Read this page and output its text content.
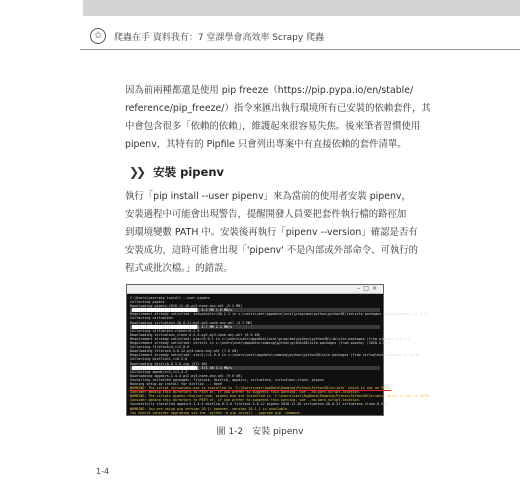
✩	爬蟲在手 資料我有：7 堂課學會高效率 Scrapy 爬蟲
因為前兩種都還是使用 pip freeze（https://pip.pypa.io/en/stable/
reference/pip_freeze/）指令來匯出執行環境所有已安裝的依賴套件，其
中會包含很多「依賴的依賴」，維護起來很容易失焦。後來筆者習慣使用
pipenv，其特有的 Pipfile 只會列出專案中有直接依賴的套件清單。
❯❯ 安裝 pipenv
執行「pip install --user pipenv」來為當前的使用者安裝 pipenv，
安裝過程中可能會出現警告，提醒開發人員要把套件執行檔的路徑加
到環境變數 PATH 中。安裝後再執行「pipenv --version」確認是否有
安裝成功，這時可能會出現「'pipenv' 不是內部或外部命令、可執行的
程式或批次檔。」的錯誤。
–□×
C:\Users\user>pip install --user pipenv
Collecting pipenv
Downloading pipenv-2018.11.26-py3-none-any.whl (5.2 MB)
|████████████████████████████████| 5.2 MB 1.6 MB/s
Requirement already satisfied: setuptools>=36.2.1 in c:\users\user\appdata\local\programs\python\python38\lib\site-packages (from pipenv) (41.2.0)
Collecting virtualenv
Downloading virtualenv-20.0.21-py2.py3-none-any.whl (4.7 MB)
|████████████████████████████████| 4.7 MB 2.2 MB/s
Collecting virtualenv-clone>=0.2.5
Downloading virtualenv_clone-0.5.4-py2.py3-none-any.whl (6.6 kB)
Requirement already satisfied: pip>=9.0.1 in c:\users\user\appdata\local\programs\python\python38\lib\site-packages (from pipenv) (20.1.1)
Requirement already satisfied: certifi in c:\users\user\appdata\roaming\python\python38\site-packages (from pipenv) (2020.4.5.1)
Collecting filelock<4,>=3.0.0
Downloading filelock-3.0.12-py3-none-any.whl (7.6 kB)
Requirement already satisfied: six<2,>=1.9.0 in c:\users\user\appdata\roaming\python\python38\site-packages (from virtualenv->pipenv) (1.15.0)
Collecting distlib<1,>=0.3.0
Downloading distlib-0.3.0.zip (571 kB)
|████████████████████████████████| 571 kB 3.3 MB/s
Collecting appdirs<2,>=1.4.3
Downloading appdirs-1.4.4-py2.py3-none-any.whl (9.6 kB)
Installing collected packages: filelock, distlib, appdirs, virtualenv, virtualenv-clone, pipenv
Running setup.py install for distlib ... done
WARNING: The script virtualenv.exe is installed in 'C:\Users\user\AppData\Roaming\Python\Python38\Scripts' which is not on PATH.
Consider adding this directory to PATH or, if you prefer to suppress this warning, use --no-warn-script-location.
WARNING: The scripts pipenv-resolver.exe, pipenv.exe are installed in 'C:\Users\user\AppData\Roaming\Python\Python38\Scripts' which is not on PATH.
Consider adding this directory to PATH or, if you prefer to suppress this warning, use --no-warn-script-location.
Successfully installed appdirs-1.4.4 distlib-0.3.0 filelock-3.0.12 pipenv-2018.11.26 virtualenv-20.0.21 virtualenv-clone-0.5.4
WARNING: You are using pip version 20.1; however, version 20.1.1 is available.
You should consider upgrading via the 'python -m pip install --upgrade pip' command.
圖 1-2　安裝 pipenv
1-4
